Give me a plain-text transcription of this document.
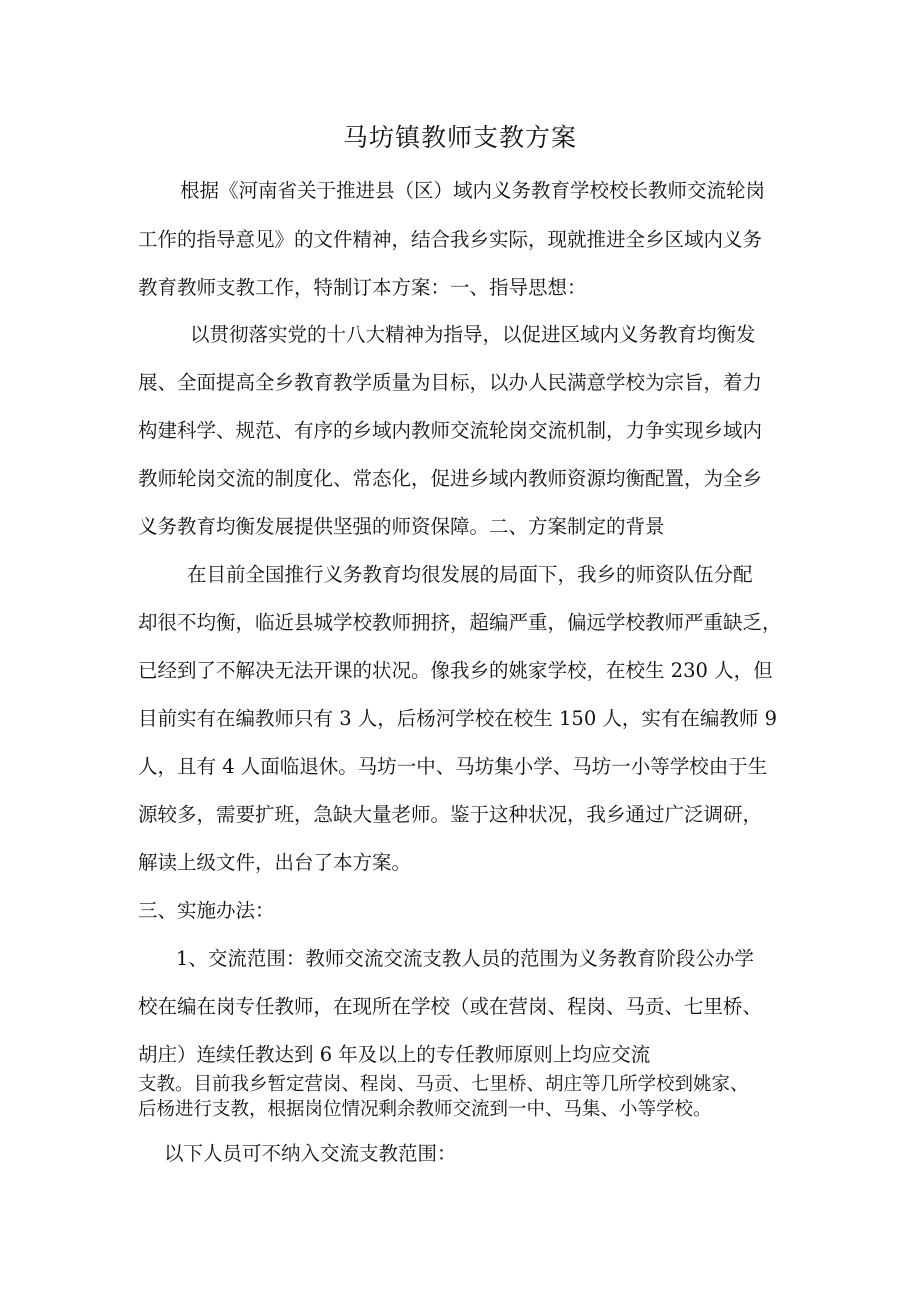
马坊镇教师支教方案
根据《河南省关于推进县（区）域内义务教育学校校长教师交流轮岗
工作的指导意见》的文件精神，结合我乡实际，现就推进全乡区域内义务
教育教师支教工作，特制订本方案：一、指导思想：
以贯彻落实党的十八大精神为指导，以促进区域内义务教育均衡发
展、全面提高全乡教育教学质量为目标，以办人民满意学校为宗旨，着力
构建科学、规范、有序的乡域内教师交流轮岗交流机制，力争实现乡域内
教师轮岗交流的制度化、常态化，促进乡域内教师资源均衡配置，为全乡
义务教育均衡发展提供坚强的师资保障。二、方案制定的背景
在目前全国推行义务教育均很发展的局面下，我乡的师资队伍分配
却很不均衡，临近县城学校教师拥挤，超编严重，偏远学校教师严重缺乏，
已经到了不解决无法开课的状况。像我乡的姚家学校，在校生 230 人，但
目前实有在编教师只有 3 人，后杨河学校在校生 150 人，实有在编教师 9
人，且有 4 人面临退休。马坊一中、马坊集小学、马坊一小等学校由于生
源较多，需要扩班，急缺大量老师。鉴于这种状况，我乡通过广泛调研，
解读上级文件，出台了本方案。
三、实施办法：
1、交流范围：教师交流交流支教人员的范围为义务教育阶段公办学
校在编在岗专任教师，在现所在学校（或在营岗、程岗、马贡、七里桥、
胡庄）连续任教达到 6 年及以上的专任教师原则上均应交流
支教。目前我乡暂定营岗、程岗、马贡、七里桥、胡庄等几所学校到姚家、
后杨进行支教，根据岗位情况剩余教师交流到一中、马集、小等学校。
以下人员可不纳入交流支教范围：
